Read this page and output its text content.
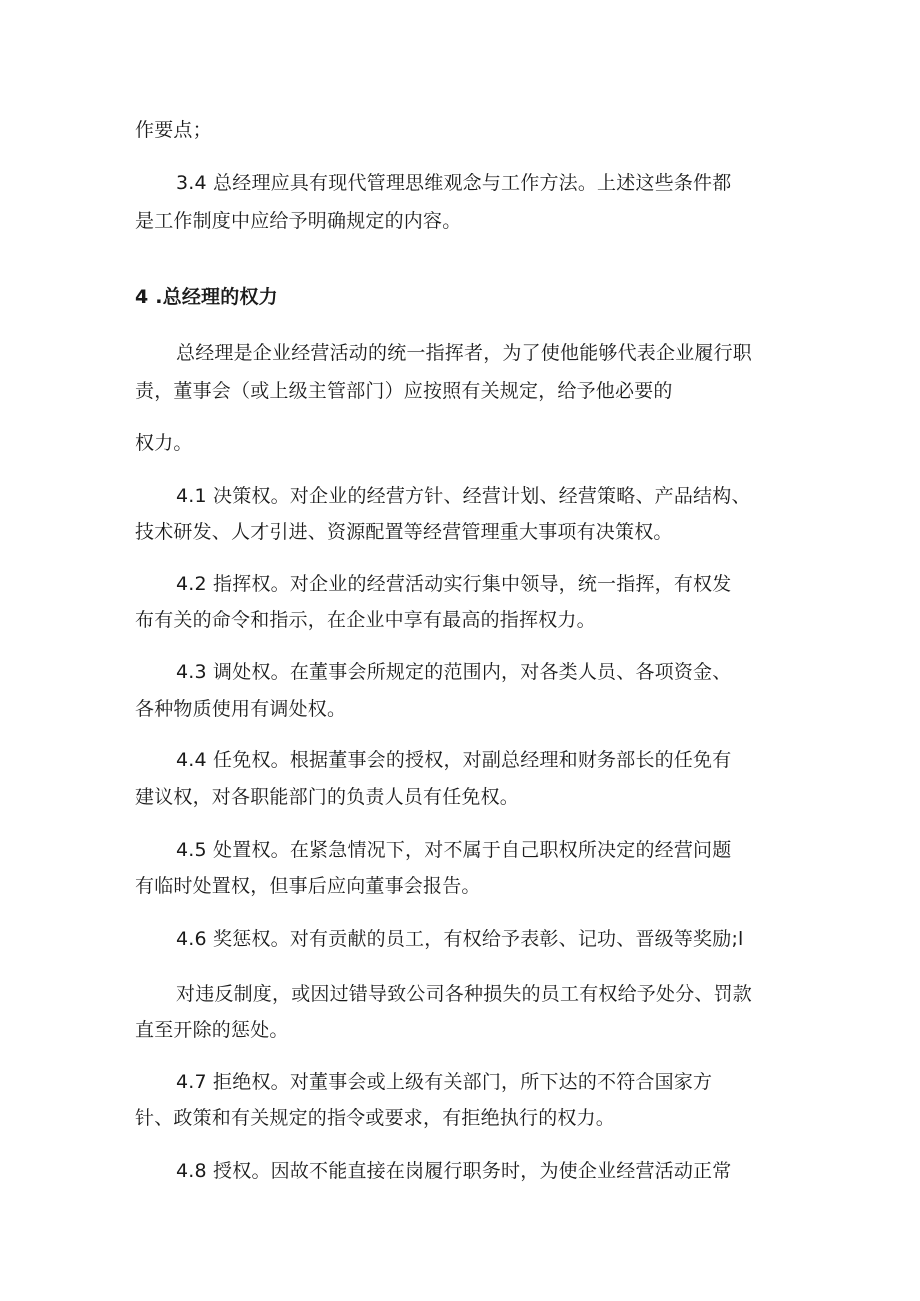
作要点；
3.4 总经理应具有现代管理思维观念与工作方法。上述这些条件都
是工作制度中应给予明确规定的内容。
4 .总经理的权力
总经理是企业经营活动的统一指挥者，为了使他能够代表企业履行职
责，董事会（或上级主管部门）应按照有关规定，给予他必要的
权力。
4.1 决策权。对企业的经营方针、经营计划、经营策略、产品结构、
技术研发、人才引进、资源配置等经营管理重大事项有决策权。
4.2 指挥权。对企业的经营活动实行集中领导，统一指挥，有权发
布有关的命令和指示，在企业中享有最高的指挥权力。
4.3 调处权。在董事会所规定的范围内，对各类人员、各项资金、
各种物质使用有调处权。
4.4 任免权。根据董事会的授权，对副总经理和财务部长的任免有
建议权，对各职能部门的负责人员有任免权。
4.5 处置权。在紧急情况下，对不属于自己职权所决定的经营问题
有临时处置权，但事后应向董事会报告。
4.6 奖惩权。对有贡献的员工，有权给予表彰、记功、晋级等奖励;l
对违反制度，或因过错导致公司各种损失的员工有权给予处分、罚款
直至开除的惩处。
4.7 拒绝权。对董事会或上级有关部门，所下达的不符合国家方
针、政策和有关规定的指令或要求，有拒绝执行的权力。
4.8 授权。因故不能直接在岗履行职务时，为使企业经营活动正常
